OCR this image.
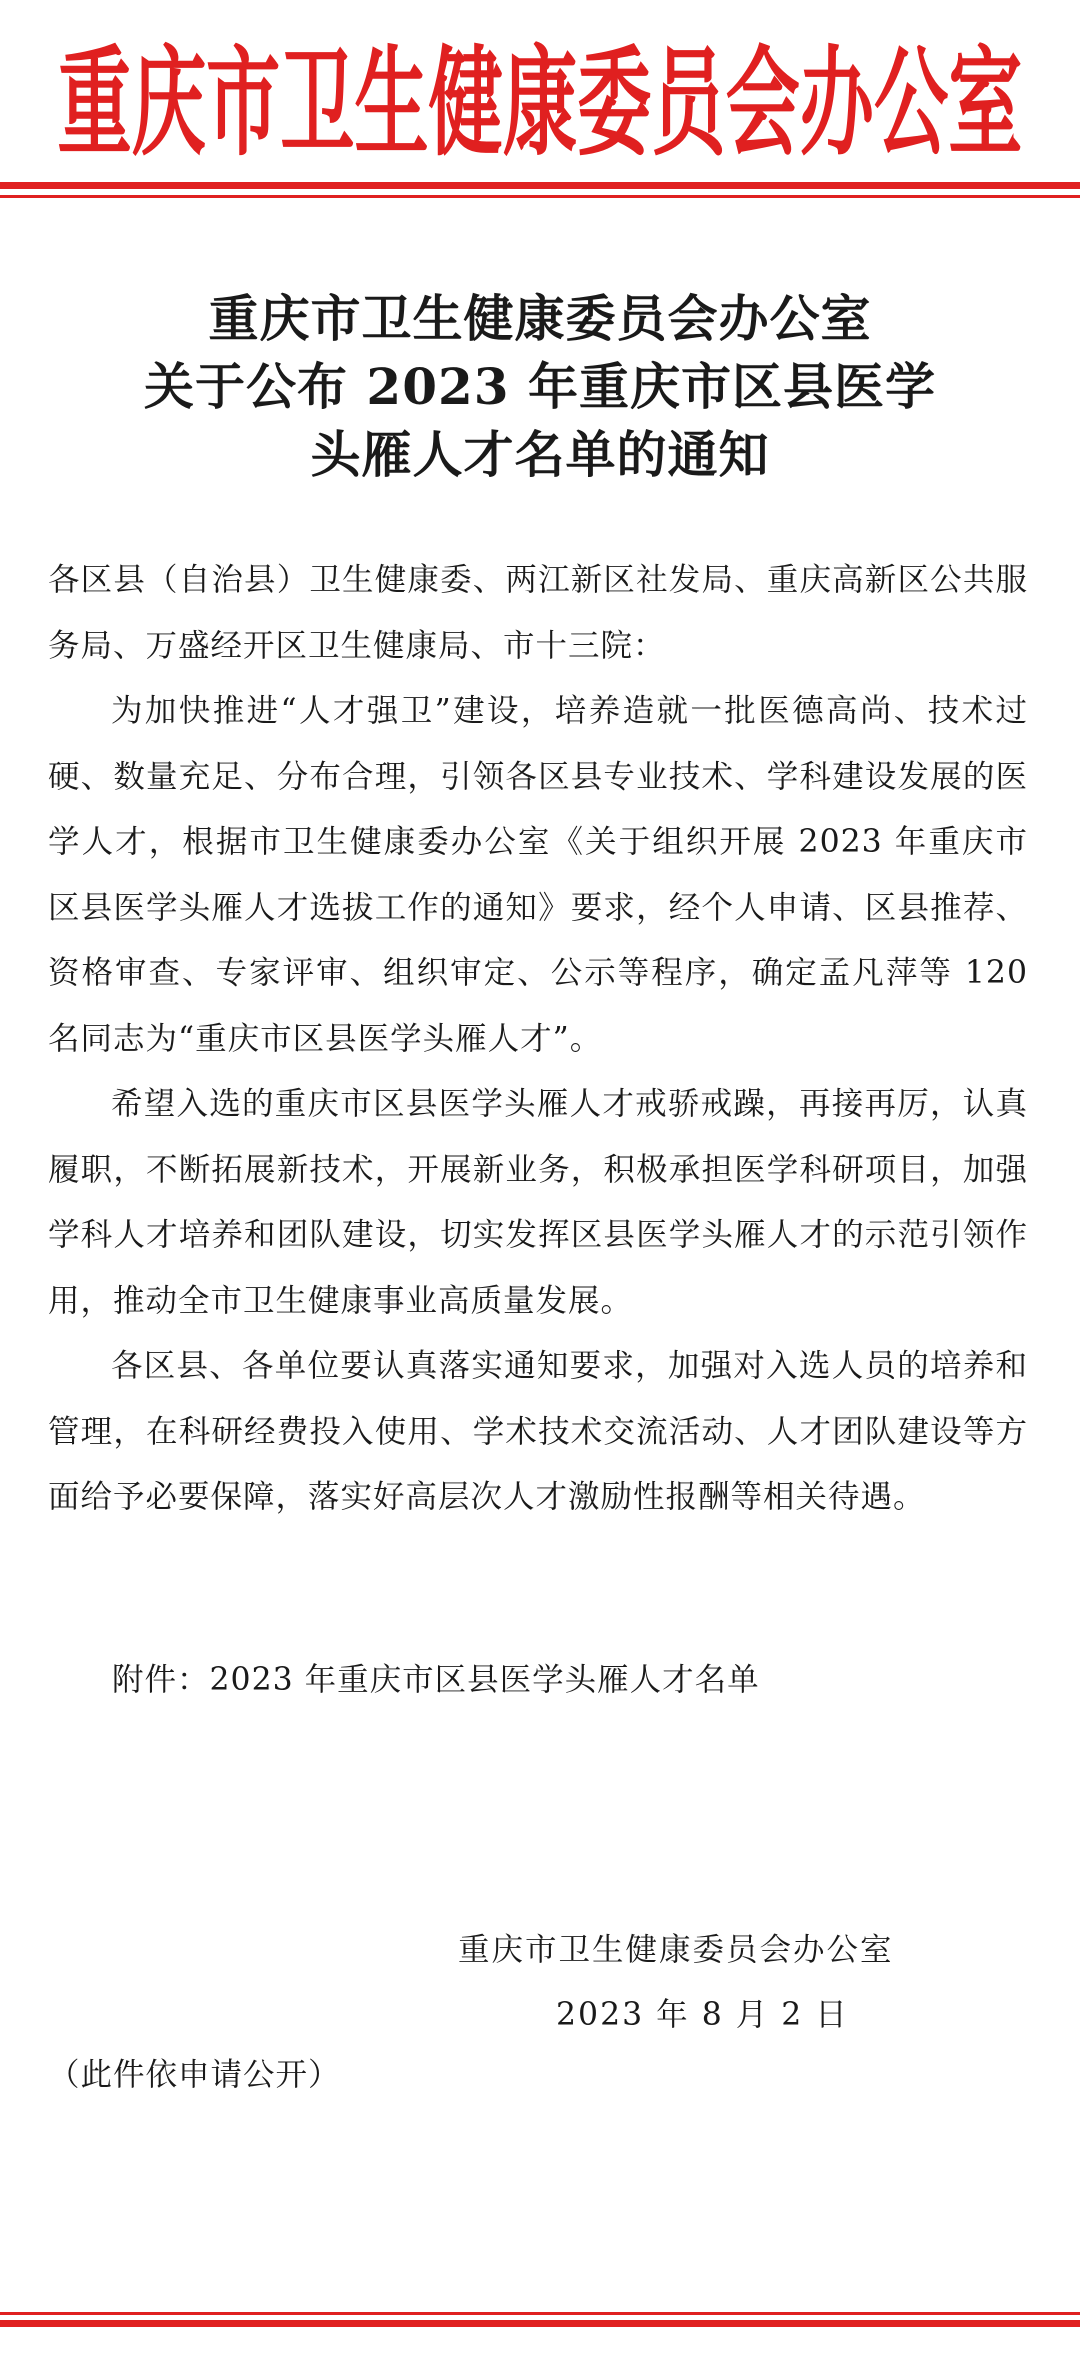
重庆市卫生健康委员会办公室
重庆市卫生健康委员会办公室
关于公布 2023 年重庆市区县医学
头雁人才名单的通知

各区县（自治县）卫生健康委、两江新区社发局、重庆高新区公共服务局、万盛经开区卫生健康局、市十三院：

为加快推进“人才强卫”建设，培养造就一批医德高尚、技术过硬、数量充足、分布合理，引领各区县专业技术、学科建设发展的医学人才，根据市卫生健康委办公室《关于组织开展 2023 年重庆市区县医学头雁人才选拔工作的通知》要求，经个人申请、区县推荐、资格审查、专家评审、组织审定、公示等程序，确定孟凡萍等 120 名同志为“重庆市区县医学头雁人才”。

希望入选的重庆市区县医学头雁人才戒骄戒躁，再接再厉，认真履职，不断拓展新技术，开展新业务，积极承担医学科研项目，加强学科人才培养和团队建设，切实发挥区县医学头雁人才的示范引领作用，推动全市卫生健康事业高质量发展。

各区县、各单位要认真落实通知要求，加强对入选人员的培养和管理，在科研经费投入使用、学术技术交流活动、人才团队建设等方面给予必要保障，落实好高层次人才激励性报酬等相关待遇。

附件：2023 年重庆市区县医学头雁人才名单
重庆市卫生健康委员会办公室
2023 年 8 月 2 日
（此件依申请公开）
